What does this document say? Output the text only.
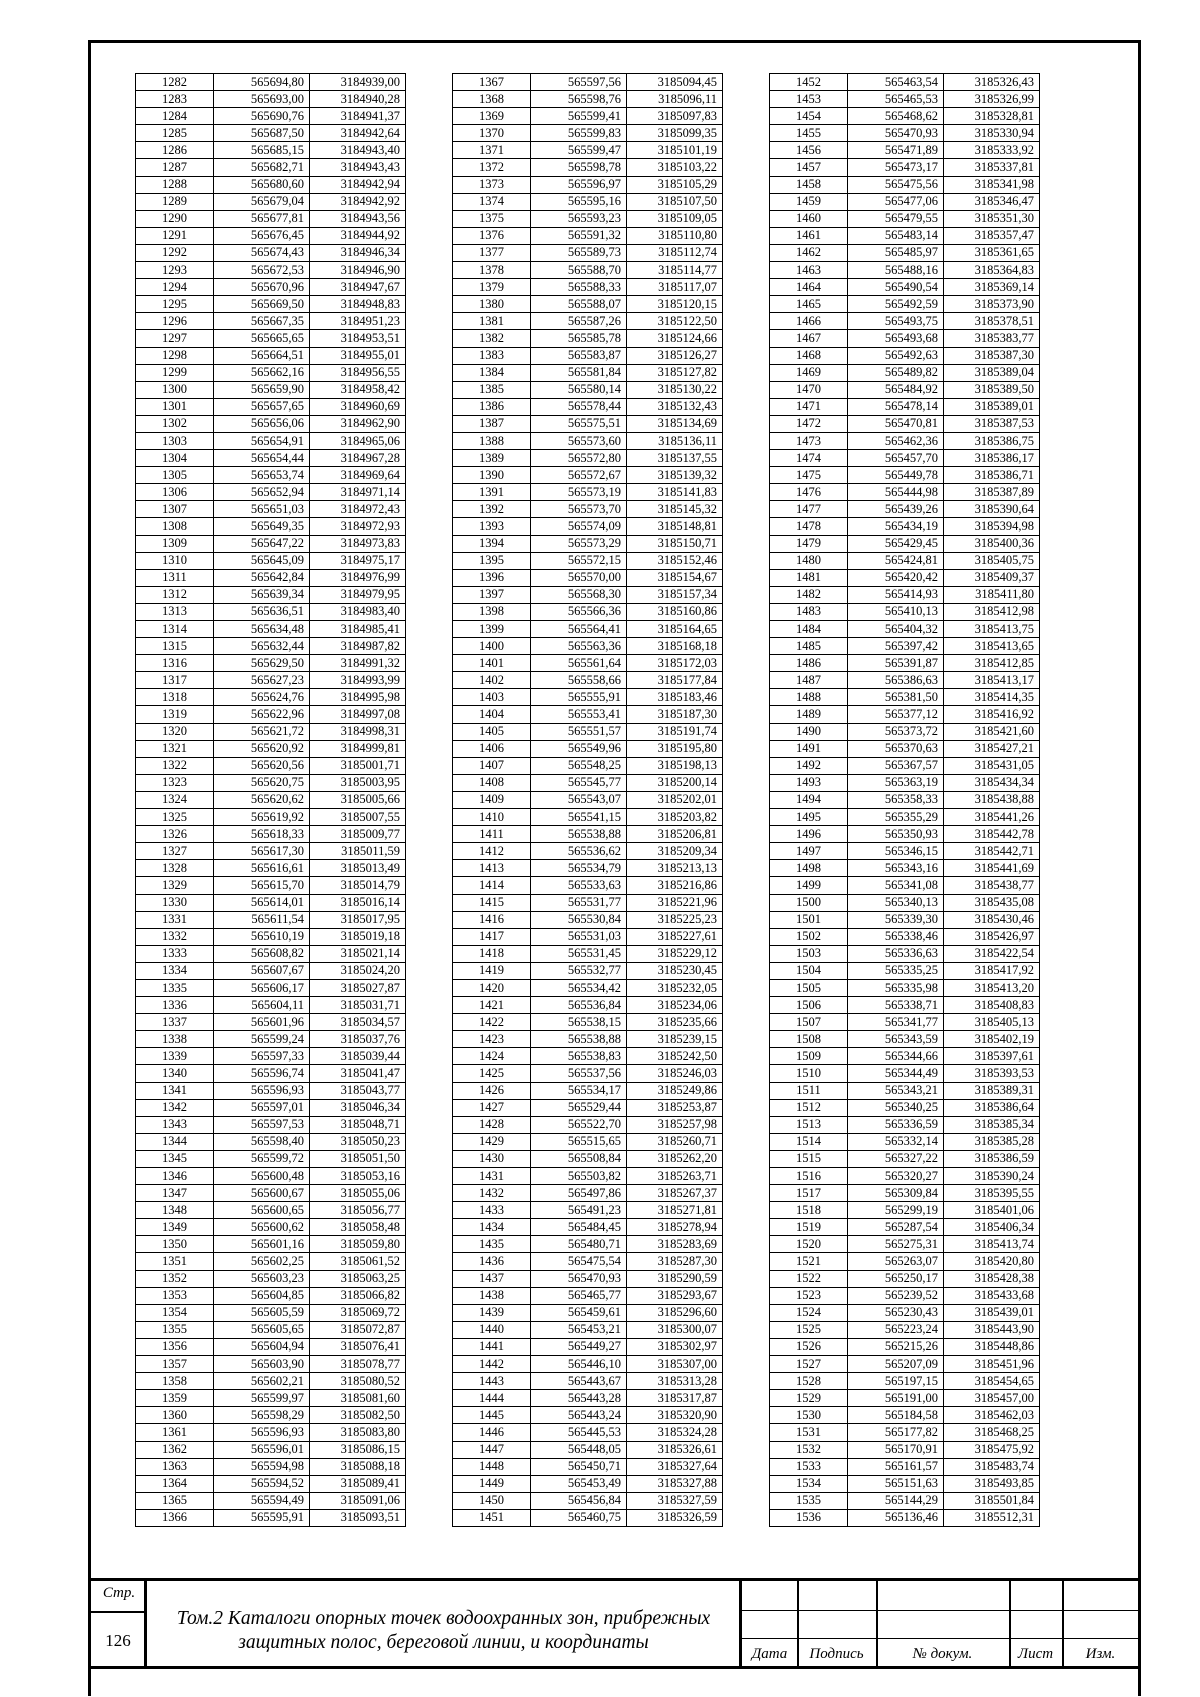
1282	565694,80	3184939,00
1283	565693,00	3184940,28
1284	565690,76	3184941,37
1285	565687,50	3184942,64
1286	565685,15	3184943,40
1287	565682,71	3184943,43
1288	565680,60	3184942,94
1289	565679,04	3184942,92
1290	565677,81	3184943,56
1291	565676,45	3184944,92
1292	565674,43	3184946,34
1293	565672,53	3184946,90
1294	565670,96	3184947,67
1295	565669,50	3184948,83
1296	565667,35	3184951,23
1297	565665,65	3184953,51
1298	565664,51	3184955,01
1299	565662,16	3184956,55
1300	565659,90	3184958,42
1301	565657,65	3184960,69
1302	565656,06	3184962,90
1303	565654,91	3184965,06
1304	565654,44	3184967,28
1305	565653,74	3184969,64
1306	565652,94	3184971,14
1307	565651,03	3184972,43
1308	565649,35	3184972,93
1309	565647,22	3184973,83
1310	565645,09	3184975,17
1311	565642,84	3184976,99
1312	565639,34	3184979,95
1313	565636,51	3184983,40
1314	565634,48	3184985,41
1315	565632,44	3184987,82
1316	565629,50	3184991,32
1317	565627,23	3184993,99
1318	565624,76	3184995,98
1319	565622,96	3184997,08
1320	565621,72	3184998,31
1321	565620,92	3184999,81
1322	565620,56	3185001,71
1323	565620,75	3185003,95
1324	565620,62	3185005,66
1325	565619,92	3185007,55
1326	565618,33	3185009,77
1327	565617,30	3185011,59
1328	565616,61	3185013,49
1329	565615,70	3185014,79
1330	565614,01	3185016,14
1331	565611,54	3185017,95
1332	565610,19	3185019,18
1333	565608,82	3185021,14
1334	565607,67	3185024,20
1335	565606,17	3185027,87
1336	565604,11	3185031,71
1337	565601,96	3185034,57
1338	565599,24	3185037,76
1339	565597,33	3185039,44
1340	565596,74	3185041,47
1341	565596,93	3185043,77
1342	565597,01	3185046,34
1343	565597,53	3185048,71
1344	565598,40	3185050,23
1345	565599,72	3185051,50
1346	565600,48	3185053,16
1347	565600,67	3185055,06
1348	565600,65	3185056,77
1349	565600,62	3185058,48
1350	565601,16	3185059,80
1351	565602,25	3185061,52
1352	565603,23	3185063,25
1353	565604,85	3185066,82
1354	565605,59	3185069,72
1355	565605,65	3185072,87
1356	565604,94	3185076,41
1357	565603,90	3185078,77
1358	565602,21	3185080,52
1359	565599,97	3185081,60
1360	565598,29	3185082,50
1361	565596,93	3185083,80
1362	565596,01	3185086,15
1363	565594,98	3185088,18
1364	565594,52	3185089,41
1365	565594,49	3185091,06
1366	565595,91	3185093,51
1367	565597,56	3185094,45
1368	565598,76	3185096,11
1369	565599,41	3185097,83
1370	565599,83	3185099,35
1371	565599,47	3185101,19
1372	565598,78	3185103,22
1373	565596,97	3185105,29
1374	565595,16	3185107,50
1375	565593,23	3185109,05
1376	565591,32	3185110,80
1377	565589,73	3185112,74
1378	565588,70	3185114,77
1379	565588,33	3185117,07
1380	565588,07	3185120,15
1381	565587,26	3185122,50
1382	565585,78	3185124,66
1383	565583,87	3185126,27
1384	565581,84	3185127,82
1385	565580,14	3185130,22
1386	565578,44	3185132,43
1387	565575,51	3185134,69
1388	565573,60	3185136,11
1389	565572,80	3185137,55
1390	565572,67	3185139,32
1391	565573,19	3185141,83
1392	565573,70	3185145,32
1393	565574,09	3185148,81
1394	565573,29	3185150,71
1395	565572,15	3185152,46
1396	565570,00	3185154,67
1397	565568,30	3185157,34
1398	565566,36	3185160,86
1399	565564,41	3185164,65
1400	565563,36	3185168,18
1401	565561,64	3185172,03
1402	565558,66	3185177,84
1403	565555,91	3185183,46
1404	565553,41	3185187,30
1405	565551,57	3185191,74
1406	565549,96	3185195,80
1407	565548,25	3185198,13
1408	565545,77	3185200,14
1409	565543,07	3185202,01
1410	565541,15	3185203,82
1411	565538,88	3185206,81
1412	565536,62	3185209,34
1413	565534,79	3185213,13
1414	565533,63	3185216,86
1415	565531,77	3185221,96
1416	565530,84	3185225,23
1417	565531,03	3185227,61
1418	565531,45	3185229,12
1419	565532,77	3185230,45
1420	565534,42	3185232,05
1421	565536,84	3185234,06
1422	565538,15	3185235,66
1423	565538,88	3185239,15
1424	565538,83	3185242,50
1425	565537,56	3185246,03
1426	565534,17	3185249,86
1427	565529,44	3185253,87
1428	565522,70	3185257,98
1429	565515,65	3185260,71
1430	565508,84	3185262,20
1431	565503,82	3185263,71
1432	565497,86	3185267,37
1433	565491,23	3185271,81
1434	565484,45	3185278,94
1435	565480,71	3185283,69
1436	565475,54	3185287,30
1437	565470,93	3185290,59
1438	565465,77	3185293,67
1439	565459,61	3185296,60
1440	565453,21	3185300,07
1441	565449,27	3185302,97
1442	565446,10	3185307,00
1443	565443,67	3185313,28
1444	565443,28	3185317,87
1445	565443,24	3185320,90
1446	565445,53	3185324,28
1447	565448,05	3185326,61
1448	565450,71	3185327,64
1449	565453,49	3185327,88
1450	565456,84	3185327,59
1451	565460,75	3185326,59
1452	565463,54	3185326,43
1453	565465,53	3185326,99
1454	565468,62	3185328,81
1455	565470,93	3185330,94
1456	565471,89	3185333,92
1457	565473,17	3185337,81
1458	565475,56	3185341,98
1459	565477,06	3185346,47
1460	565479,55	3185351,30
1461	565483,14	3185357,47
1462	565485,97	3185361,65
1463	565488,16	3185364,83
1464	565490,54	3185369,14
1465	565492,59	3185373,90
1466	565493,75	3185378,51
1467	565493,68	3185383,77
1468	565492,63	3185387,30
1469	565489,82	3185389,04
1470	565484,92	3185389,50
1471	565478,14	3185389,01
1472	565470,81	3185387,53
1473	565462,36	3185386,75
1474	565457,70	3185386,17
1475	565449,78	3185386,71
1476	565444,98	3185387,89
1477	565439,26	3185390,64
1478	565434,19	3185394,98
1479	565429,45	3185400,36
1480	565424,81	3185405,75
1481	565420,42	3185409,37
1482	565414,93	3185411,80
1483	565410,13	3185412,98
1484	565404,32	3185413,75
1485	565397,42	3185413,65
1486	565391,87	3185412,85
1487	565386,63	3185413,17
1488	565381,50	3185414,35
1489	565377,12	3185416,92
1490	565373,72	3185421,60
1491	565370,63	3185427,21
1492	565367,57	3185431,05
1493	565363,19	3185434,34
1494	565358,33	3185438,88
1495	565355,29	3185441,26
1496	565350,93	3185442,78
1497	565346,15	3185442,71
1498	565343,16	3185441,69
1499	565341,08	3185438,77
1500	565340,13	3185435,08
1501	565339,30	3185430,46
1502	565338,46	3185426,97
1503	565336,63	3185422,54
1504	565335,25	3185417,92
1505	565335,98	3185413,20
1506	565338,71	3185408,83
1507	565341,77	3185405,13
1508	565343,59	3185402,19
1509	565344,66	3185397,61
1510	565344,49	3185393,53
1511	565343,21	3185389,31
1512	565340,25	3185386,64
1513	565336,59	3185385,34
1514	565332,14	3185385,28
1515	565327,22	3185386,59
1516	565320,27	3185390,24
1517	565309,84	3185395,55
1518	565299,19	3185401,06
1519	565287,54	3185406,34
1520	565275,31	3185413,74
1521	565263,07	3185420,80
1522	565250,17	3185428,38
1523	565239,52	3185433,68
1524	565230,43	3185439,01
1525	565223,24	3185443,90
1526	565215,26	3185448,86
1527	565207,09	3185451,96
1528	565197,15	3185454,65
1529	565191,00	3185457,00
1530	565184,58	3185462,03
1531	565177,82	3185468,25
1532	565170,91	3185475,92
1533	565161,57	3185483,74
1534	565151,63	3185493,85
1535	565144,29	3185501,84
1536	565136,46	3185512,31
Стр.
126
Том.2 Каталоги опорных точек водоохранных зон, прибрежных защитных полос, береговой линии, и координаты
Дата	Подпись	№ докум.	Лист	Изм.
